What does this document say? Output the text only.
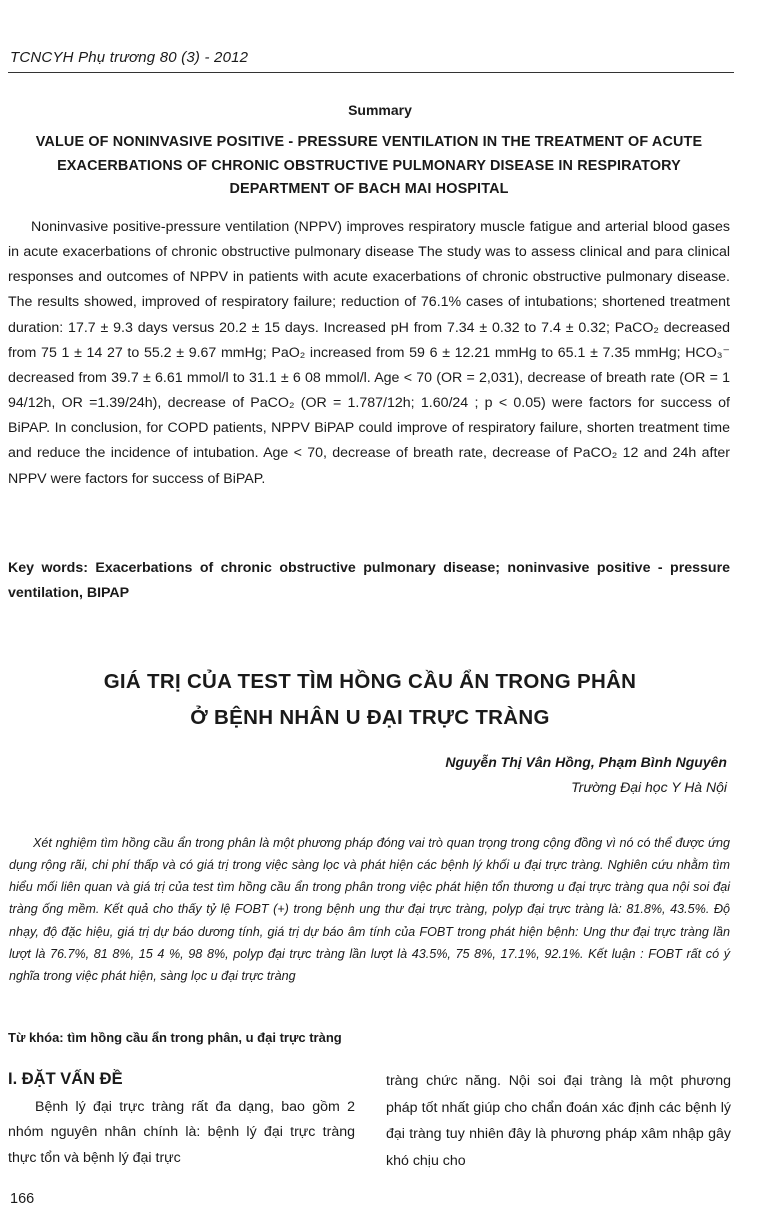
TCNCYH Phụ trương 80 (3) - 2012
Summary
VALUE OF NONINVASIVE POSITIVE - PRESSURE VENTILATION IN THE TREATMENT OF ACUTE EXACERBATIONS OF CHRONIC OBSTRUCTIVE PULMONARY DISEASE IN RESPIRATORY DEPARTMENT OF BACH MAI HOSPITAL
Noninvasive positive-pressure ventilation (NPPV) improves respiratory muscle fatigue and arterial blood gases in acute exacerbations of chronic obstructive pulmonary disease The study was to assess clinical and para clinical responses and outcomes of NPPV in patients with acute exacerbations of chronic obstructive pulmonary disease. The results showed, improved of respiratory failure; reduction of 76.1% cases of intubations; shortened treatment duration: 17.7 ± 9.3 days versus 20.2 ± 15 days. Increased pH from 7.34 ± 0.32 to 7.4 ± 0.32; PaCO₂ decreased from 75 1 ± 14 27 to 55.2 ± 9.67 mmHg; PaO₂ increased from 59 6 ± 12.21 mmHg to 65.1 ± 7.35 mmHg; HCO₃⁻ decreased from 39.7 ± 6.61 mmol/l to 31.1 ± 6 08 mmol/l. Age < 70 (OR = 2,031), decrease of breath rate (OR = 1 94/12h, OR =1.39/24h), decrease of PaCO₂ (OR = 1.787/12h; 1.60/24 ; p < 0.05) were factors for success of BiPAP. In conclusion, for COPD patients, NPPV BiPAP could improve of respiratory failure, shorten treatment time and reduce the incidence of intubation. Age < 70, decrease of breath rate, decrease of PaCO₂ 12 and 24h after NPPV were factors for success of BiPAP.
Key words: Exacerbations of chronic obstructive pulmonary disease; noninvasive positive - pressure ventilation, BIPAP
GIÁ TRỊ CỦA TEST TÌM HỒNG CẦU ẨN TRONG PHÂN
Ở BỆNH NHÂN U ĐẠI TRỰC TRÀNG
Nguyễn Thị Vân Hồng, Phạm Bình Nguyên
Trường Đại học Y Hà Nội
Xét nghiệm tìm hồng cầu ẩn trong phân là một phương pháp đóng vai trò quan trọng trong cộng đồng vì nó có thể được ứng dụng rộng rãi, chi phí thấp và có giá trị trong việc sàng lọc và phát hiện các bệnh lý khối u đại trực tràng. Nghiên cứu nhằm tìm hiểu mối liên quan và giá trị của test tìm hồng cầu ẩn trong phân trong việc phát hiện tổn thương u đại trực tràng qua nội soi đại tràng ống mềm. Kết quả cho thấy tỷ lệ FOBT (+) trong bệnh ung thư đại trực tràng, polyp đại trực tràng là: 81.8%, 43.5%. Độ nhạy, độ đặc hiệu, giá trị dự báo dương tính, giá trị dự báo âm tính của FOBT trong phát hiện bệnh: Ung thư đại trực tràng lần lượt là 76.7%, 81 8%, 15 4 %, 98 8%, polyp đại trực tràng lần lượt là 43.5%, 75 8%, 17.1%, 92.1%. Kết luận : FOBT rất có ý nghĩa trong việc phát hiện, sàng lọc u đại trực tràng
Từ khóa: tìm hồng cầu ẩn trong phân, u đại trực tràng
I. ĐẶT VẤN ĐỀ
Bệnh lý đại trực tràng rất đa dạng, bao gồm 2 nhóm nguyên nhân chính là: bệnh lý đại trực tràng thực tổn và bệnh lý đại trực
tràng chức năng. Nội soi đại tràng là một phương pháp tốt nhất giúp cho chẩn đoán xác định các bệnh lý đại tràng tuy nhiên đây là phương pháp xâm nhập gây khó chịu cho
166
